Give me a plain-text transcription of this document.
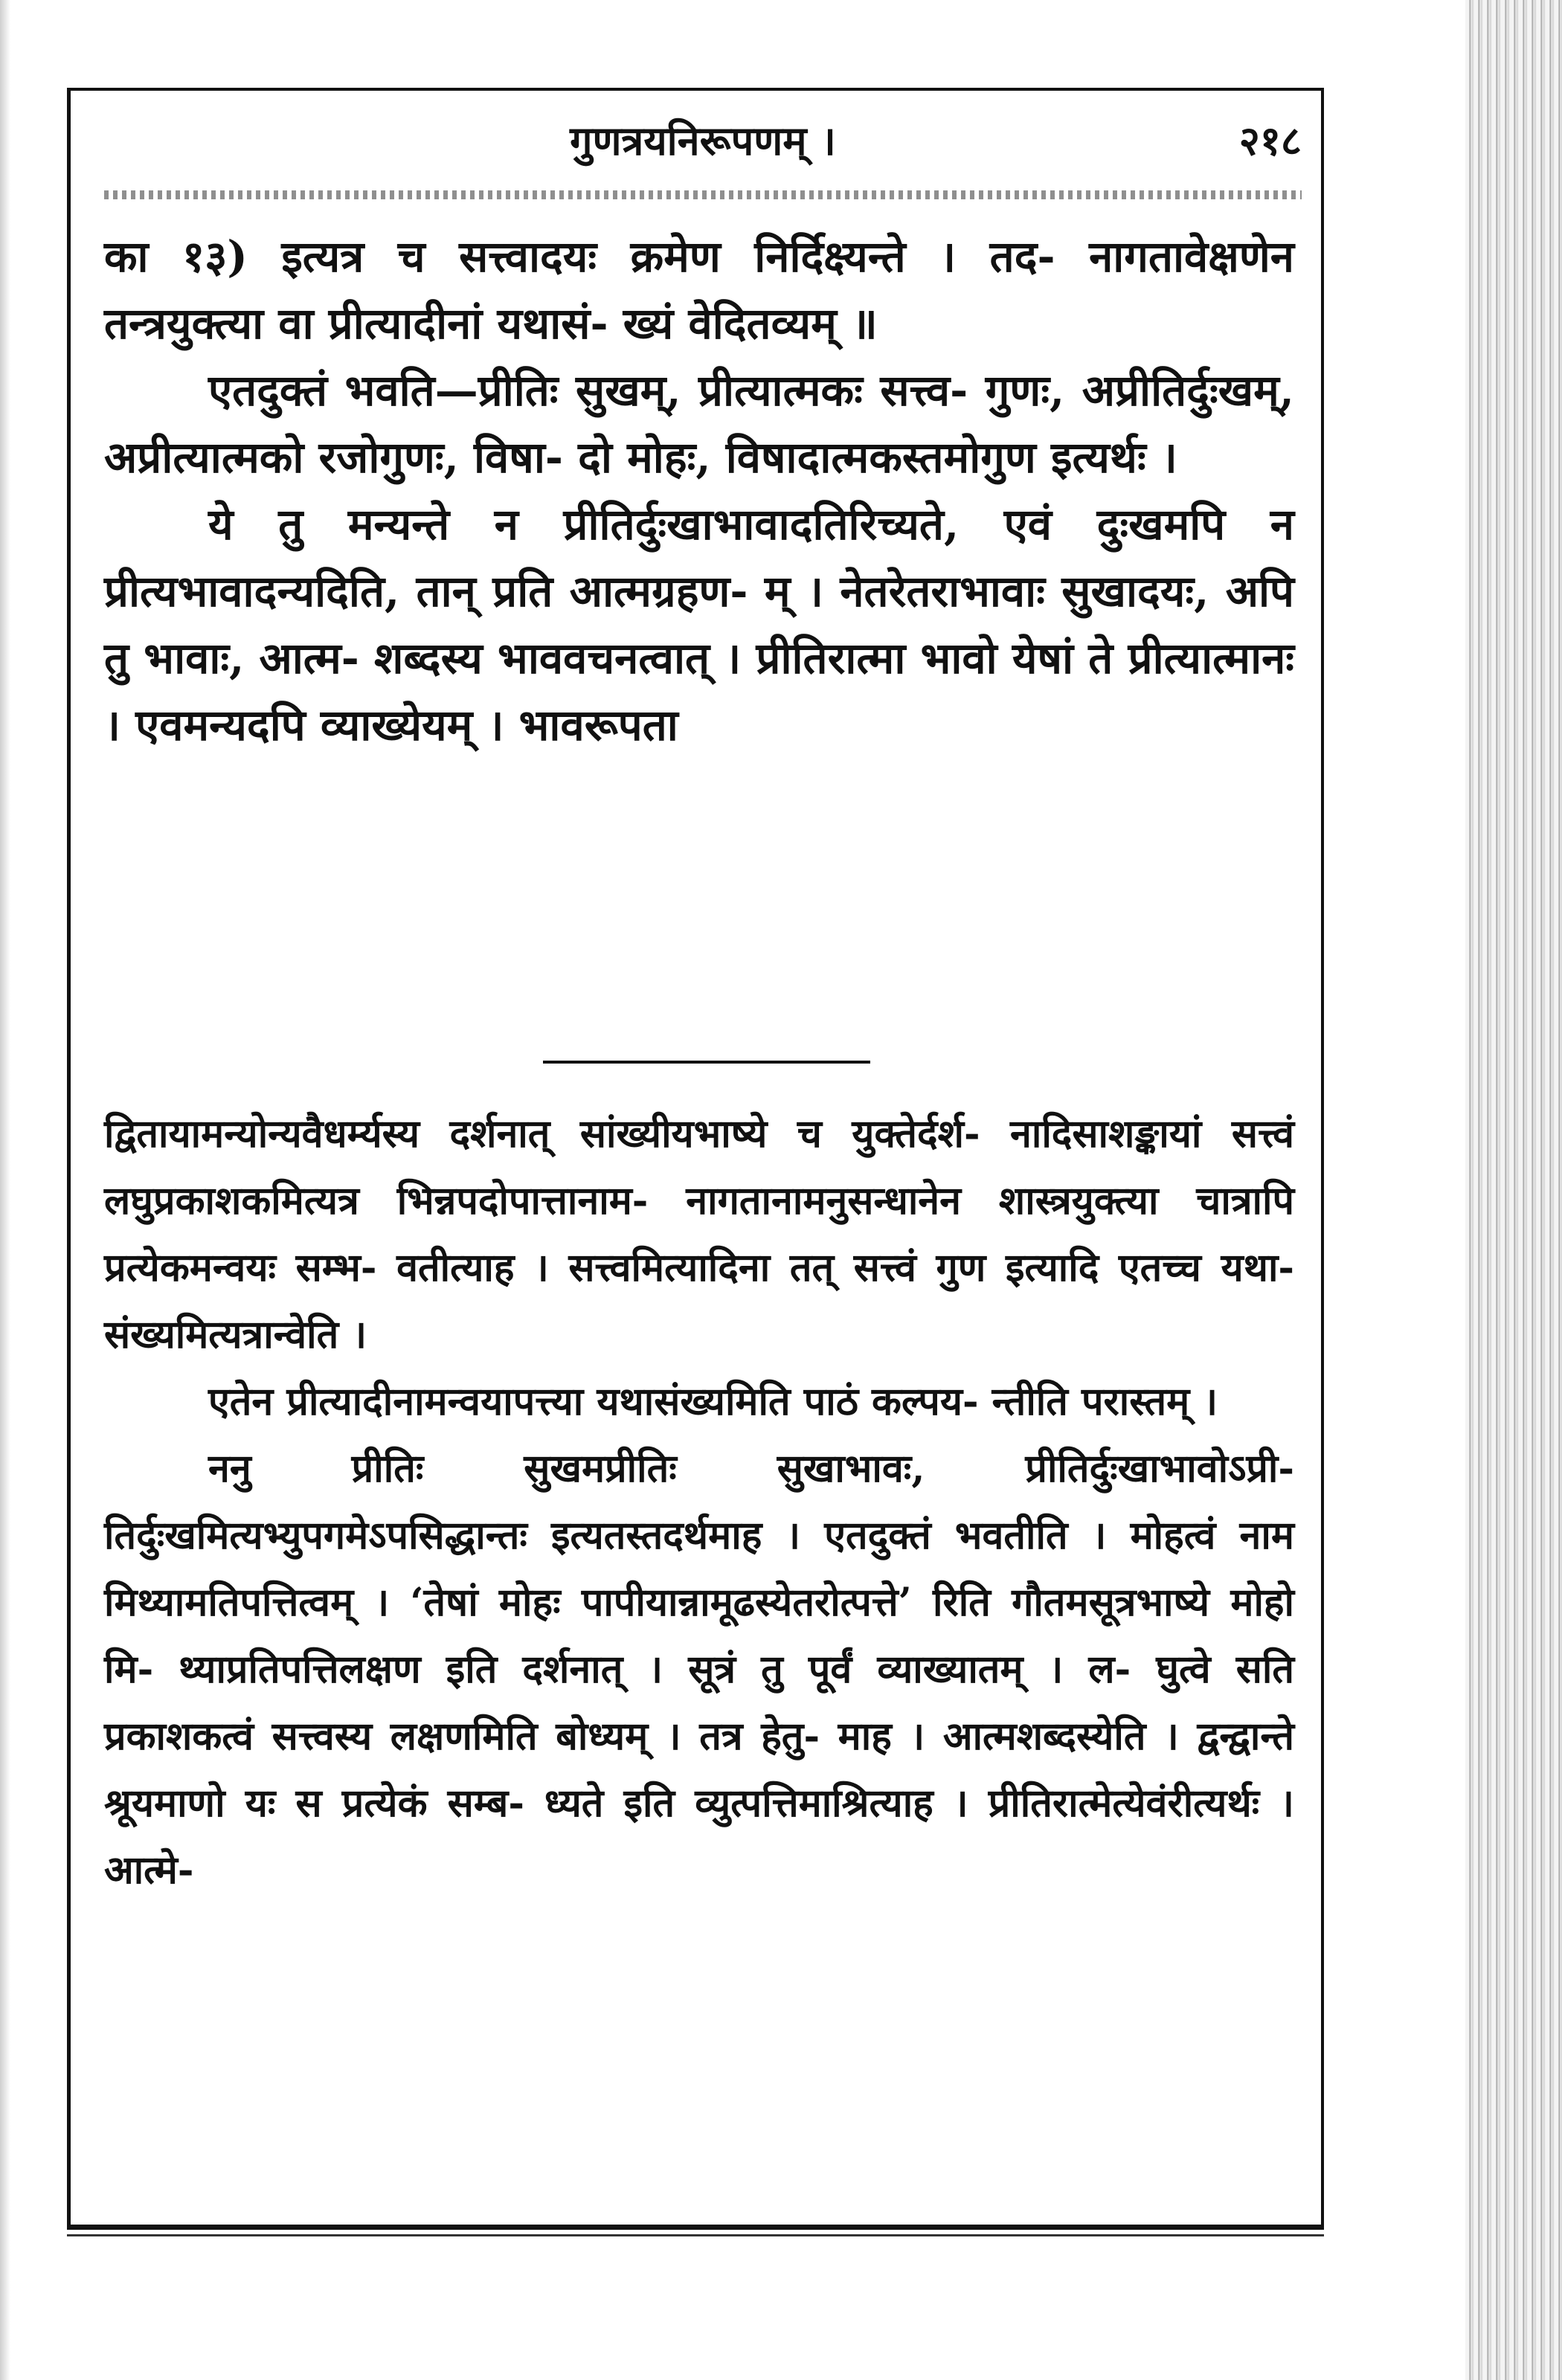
गुणत्रयनिरूपणम् ।	२१८

का १३) इत्यत्र च सत्त्वादयः क्रमेण निर्दिक्ष्यन्ते । तद- नागतावेक्षणेन तन्त्रयुक्त्या वा प्रीत्यादीनां यथासं- ख्यं वेदितव्यम् ॥

एतदुक्तं भवति—प्रीतिः सुखम्, प्रीत्यात्मकः सत्त्व- गुणः, अप्रीतिर्दुःखम्, अप्रीत्यात्मको रजोगुणः, विषा- दो मोहः, विषादात्मकस्तमोगुण इत्यर्थः ।

ये तु मन्यन्ते न प्रीतिर्दुःखाभावादतिरिच्यते, एवं दुःखमपि न प्रीत्यभावादन्यदिति, तान् प्रति आत्मग्रहण- म् । नेतरेतराभावाः सुखादयः, अपि तु भावाः, आत्म- शब्दस्य भाववचनत्वात् । प्रीतिरात्मा भावो येषां ते प्रीत्यात्मानः । एवमन्यदपि व्याख्येयम् । भावरूपता

द्वितायामन्योन्यवैधर्म्यस्य दर्शनात् सांख्यीयभाष्ये च युक्तेर्दर्श- नादिसाशङ्कायां सत्त्वं लघुप्रकाशकमित्यत्र भिन्नपदोपात्तानाम- नागतानामनुसन्धानेन शास्त्रयुक्त्या चात्रापि प्रत्येकमन्वयः सम्भ- वतीत्याह । सत्त्वमित्यादिना तत् सत्त्वं गुण इत्यादि एतच्च यथा- संख्यमित्यत्रान्वेति ।

एतेन प्रीत्यादीनामन्वयापत्त्या यथासंख्यमिति पाठं कल्पय- न्तीति परास्तम् ।

ननु प्रीतिः सुखमप्रीतिः सुखाभावः, प्रीतिर्दुःखाभावोऽप्री- तिर्दुःखमित्यभ्युपगमेऽपसिद्धान्तः इत्यतस्तदर्थमाह । एतदुक्तं भवतीति । मोहत्वं नाम मिथ्यामतिपत्तित्वम् । ‘तेषां मोहः पापीयान्नामूढस्येतरोत्पत्ते’ रिति गौतमसूत्रभाष्ये मोहो मि- थ्याप्रतिपत्तिलक्षण इति दर्शनात् । सूत्रं तु पूर्वं व्याख्यातम् । ल- घुत्वे सति प्रकाशकत्वं सत्त्वस्य लक्षणमिति बोध्यम् । तत्र हेतु- माह । आत्मशब्दस्येति । द्वन्द्वान्ते श्रूयमाणो यः स प्रत्येकं सम्ब- ध्यते इति व्युत्पत्तिमाश्रित्याह । प्रीतिरात्मेत्येवंरीत्यर्थः । आत्मे-
